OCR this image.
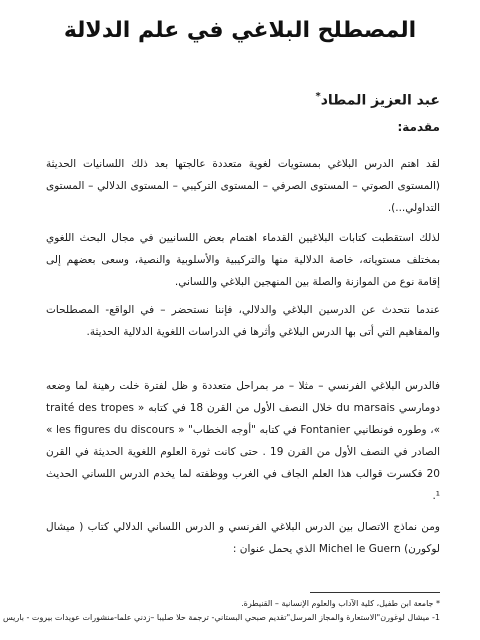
المصطلح البلاغي في علم الدلالة
عبد العزيز المطاد*
مقدمة:
لقد اهتم الدرس البلاغي بمستويات لغوية متعددة عالجتها بعد ذلك اللسانيات الحديثة (المستوى الصوتي – المستوى الصرفي – المستوى التركيبي – المستوى الدلالي – المستوى التداولي...).
لذلك استقطبت كتابات البلاغيين القدماء اهتمام بعض اللسانيين في مجال البحث اللغوي بمختلف مستوياته، خاصة الدلالية منها والتركيبية والأسلوبية والنصية، وسعى بعضهم إلى إقامة نوع من الموازنة والصلة بين المنهجين البلاغي واللساني.
عندما نتحدث عن الدرسين البلاغي والدلالي، فإننا نستحضر – في الواقع- المصطلحات والمفاهيم التي أتى بها الدرس البلاغي وأثرها في الدراسات اللغوية الدلالية الحديثة.
فالدرس البلاغي الفرنسي – مثلا – مر بمراحل متعددة و ظل لفترة خلت رهينة لما وضعه دومارسي du marsais خلال النصف الأول من القرن 18 في كتابه « traité des tropes »، وطوره فونطانيي Fontanier في كتابه "أوجه الخطاب" « les figures du discours » الصادر في النصف الأول من القرن 19 . حتى كانت ثورة العلوم اللغوية الحديثة في القرن 20 فكسرت قوالب هذا العلم الجاف في الغرب ووظفته لما يخدم الدرس اللساني الحديث ¹.
ومن نماذج الاتصال بين الدرس البلاغي الفرنسي و الدرس اللساني الدلالي كتاب ( ميشال لوكورن) Michel le Guern الذي يحمل عنوان :
* جامعة ابن طفيل، كلية الآداب والعلوم الإنسانية – القنيطرة.
1- ميشال لوغورن"الاستعارة والمجاز المرسل"تقديم صبحي البستاني- ترجمة حلا صليبا –زدني علما-منشورات عويدات بيروت - باريس
